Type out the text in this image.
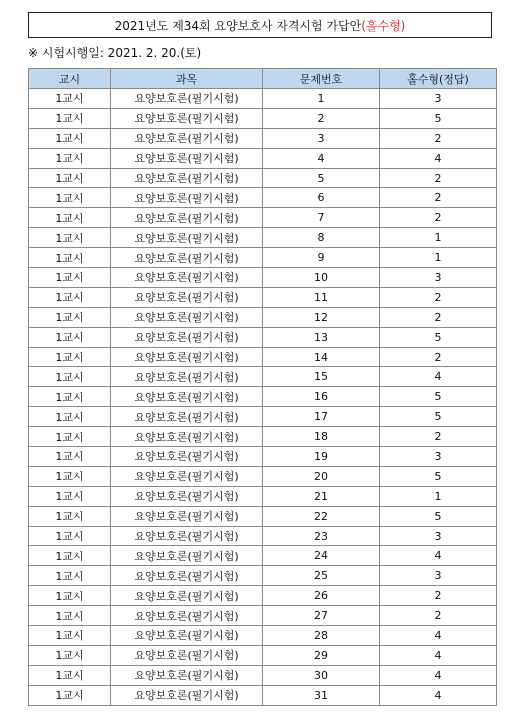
2021년도 제34회 요양보호사 자격시험 가답안 (홀수형)
※ 시험시행일: 2021. 2. 20.(토)
교시	과목	문제번호	홀수형(정답)
1교시	요양보호론(필기시험)	1	3
1교시	요양보호론(필기시험)	2	5
1교시	요양보호론(필기시험)	3	2
1교시	요양보호론(필기시험)	4	4
1교시	요양보호론(필기시험)	5	2
1교시	요양보호론(필기시험)	6	2
1교시	요양보호론(필기시험)	7	2
1교시	요양보호론(필기시험)	8	1
1교시	요양보호론(필기시험)	9	1
1교시	요양보호론(필기시험)	10	3
1교시	요양보호론(필기시험)	11	2
1교시	요양보호론(필기시험)	12	2
1교시	요양보호론(필기시험)	13	5
1교시	요양보호론(필기시험)	14	2
1교시	요양보호론(필기시험)	15	4
1교시	요양보호론(필기시험)	16	5
1교시	요양보호론(필기시험)	17	5
1교시	요양보호론(필기시험)	18	2
1교시	요양보호론(필기시험)	19	3
1교시	요양보호론(필기시험)	20	5
1교시	요양보호론(필기시험)	21	1
1교시	요양보호론(필기시험)	22	5
1교시	요양보호론(필기시험)	23	3
1교시	요양보호론(필기시험)	24	4
1교시	요양보호론(필기시험)	25	3
1교시	요양보호론(필기시험)	26	2
1교시	요양보호론(필기시험)	27	2
1교시	요양보호론(필기시험)	28	4
1교시	요양보호론(필기시험)	29	4
1교시	요양보호론(필기시험)	30	4
1교시	요양보호론(필기시험)	31	4
